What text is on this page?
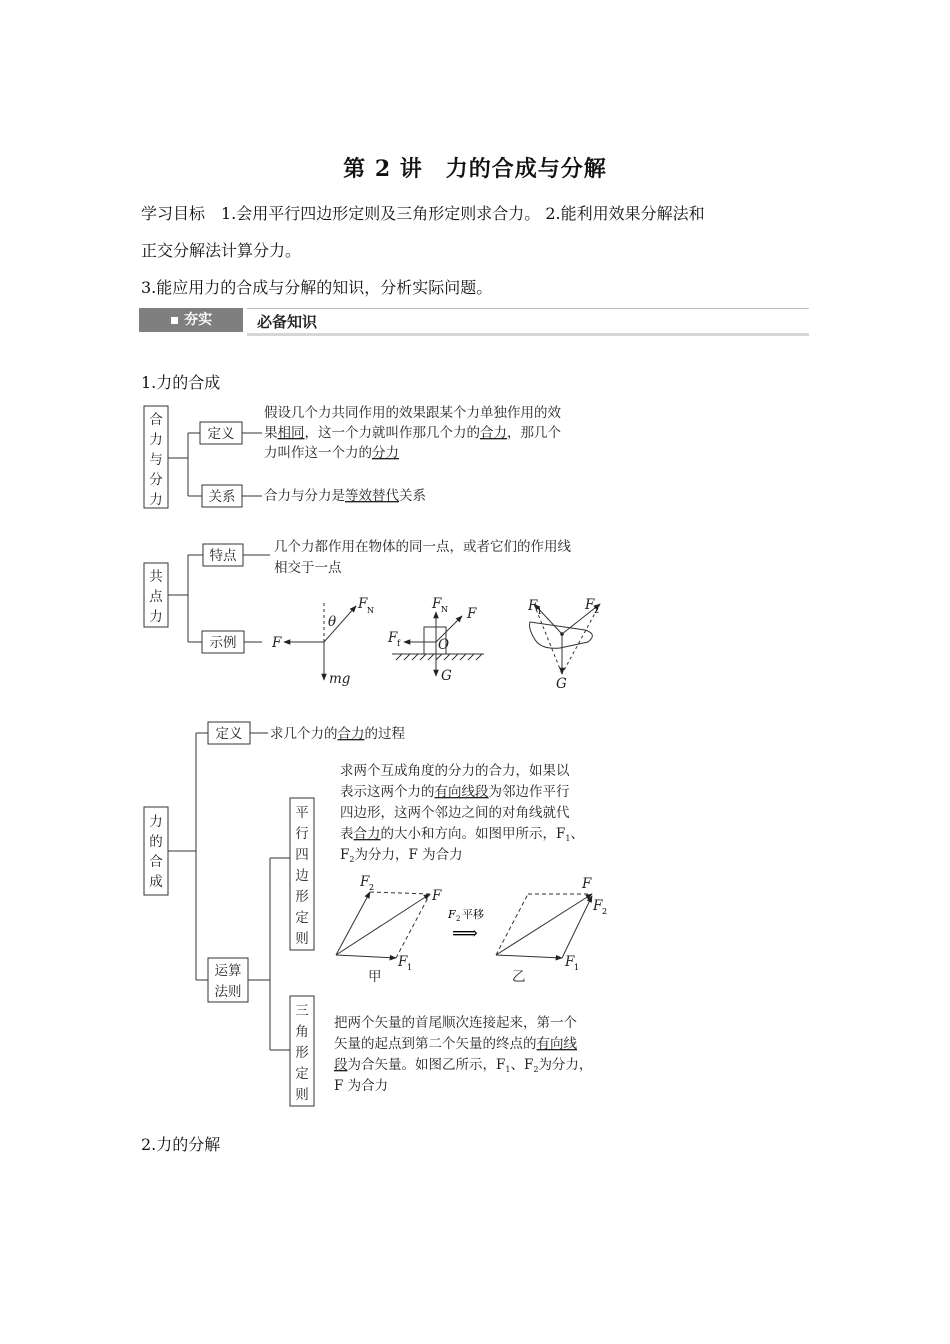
第 2 讲　力的合成与分解
学习目标　1.会用平行四边形定则及三角形定则求合力。 2.能利用效果分解法和
正交分解法计算分力。
3.能应用力的合成与分解的知识，分析实际问题。
▪ 夯实	必备知识
1.力的合成
合
力
与
分
力
定义
假设几个力共同作用的效果跟某个力单独作用的效
果相同，这一个力就叫作那几个力的合力，那几个
力叫作这一个力的分力
关系 合力与分力是等效替代关系
共
点
力
特点
几个力都作用在物体的同一点，或者它们的作用线
相交于一点
示例	F
F N
θ
mg
F N F
F f	O
G
F 1	F 2
G
力
的
合
成
定义 求几个力的合力的过程
运算
法则
平
行
四
边
形
定
则
求两个互成角度的分力的合力，如果以
表示这两个力的有向线段为邻边作平行
四边形，这两个邻边之间的对角线就代
表合力的大小和方向。如图甲所示，$F_1$、
$F_2$为分力，F 为合力
F 2
F
F 1
甲
F 2 平移
⟹
F
F 2
F 1
乙
三
角
形
定
则
把两个矢量的首尾顺次连接起来，第一个
矢量的起点到第二个矢量的终点的有向线
段为合矢量。如图乙所示，$F_1$、$F_2$为分力，
F 为合力
2.力的分解
